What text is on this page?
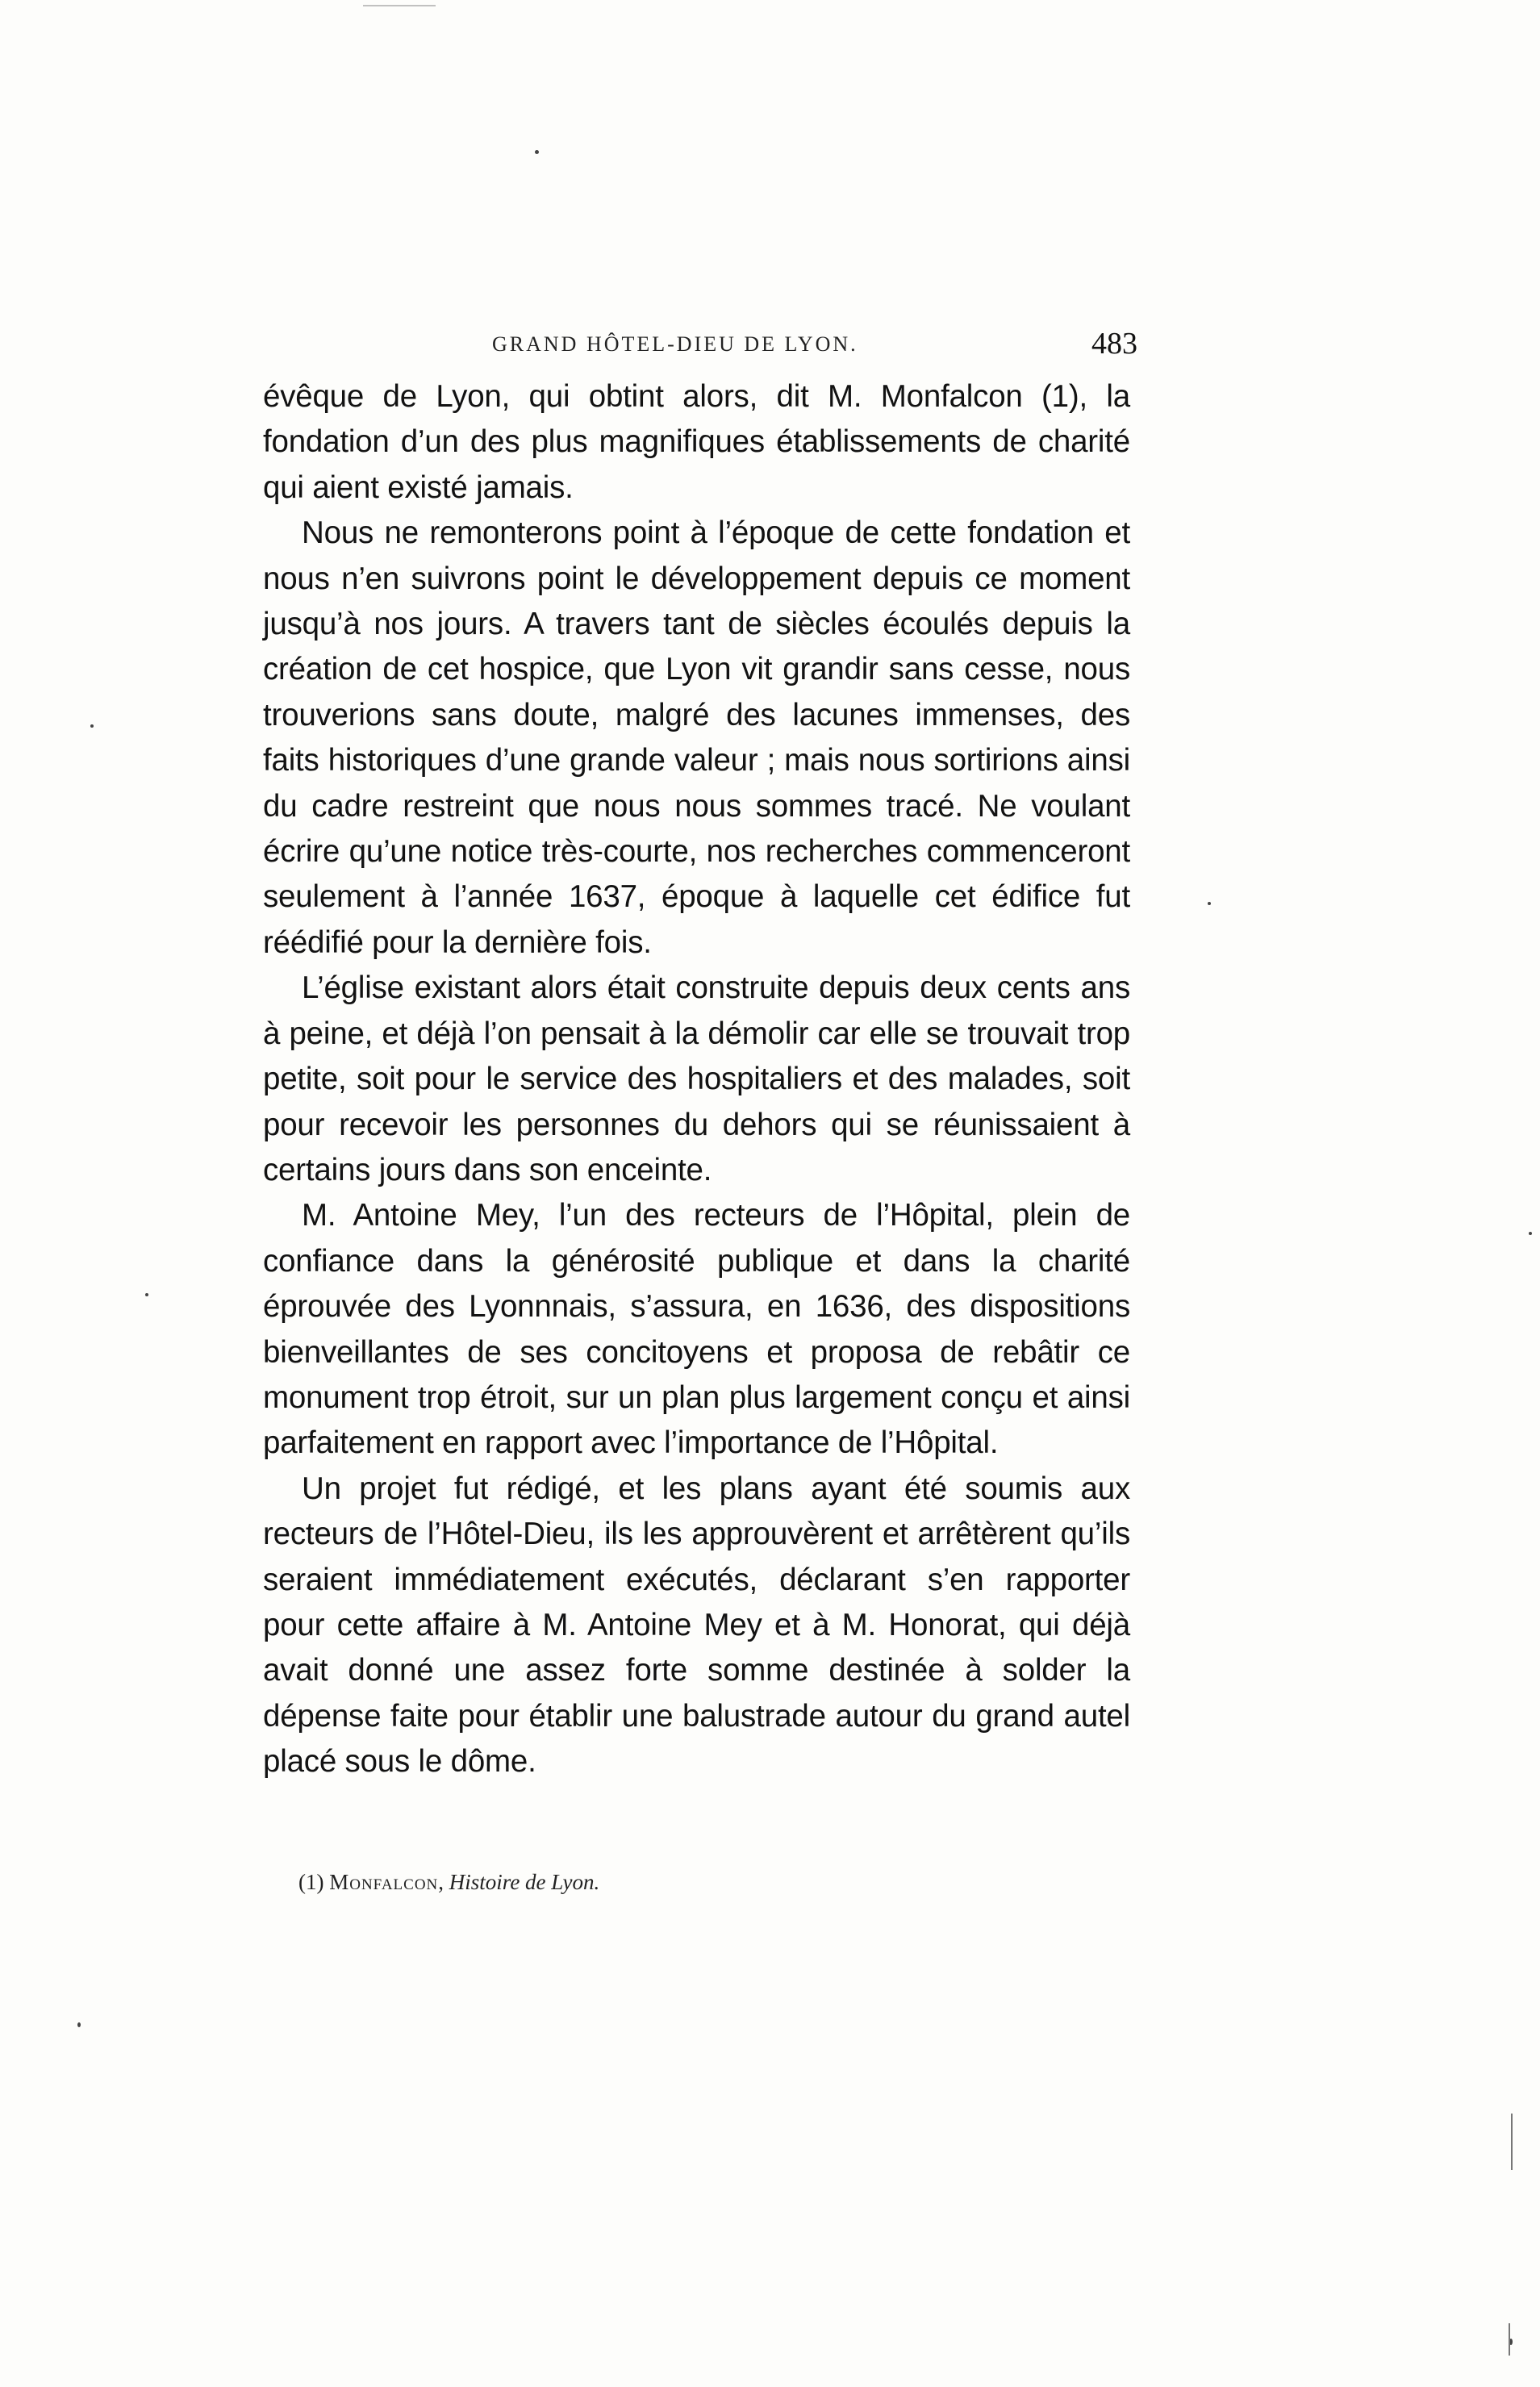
GRAND HÔTEL-DIEU DE LYON.	483

évêque de Lyon, qui obtint alors, dit M. Monfalcon (1), la fondation d’un des plus magnifiques établissements de charité qui aient existé jamais.

Nous ne remonterons point à l’époque de cette fondation et nous n’en suivrons point le développement depuis ce moment jusqu’à nos jours. A travers tant de siècles écoulés depuis la création de cet hospice, que Lyon vit grandir sans cesse, nous trouverions sans doute, malgré des lacunes immenses, des faits historiques d’une grande valeur ; mais nous sortirions ainsi du cadre restreint que nous nous sommes tracé. Ne voulant écrire qu’une notice très-courte, nos recherches commenceront seulement à l’année 1637, époque à laquelle cet édifice fut réédifié pour la dernière fois.

L’église existant alors était construite depuis deux cents ans à peine, et déjà l’on pensait à la démolir car elle se trouvait trop petite, soit pour le service des hospitaliers et des malades, soit pour recevoir les personnes du dehors qui se réunissaient à certains jours dans son enceinte.

M. Antoine Mey, l’un des recteurs de l’Hôpital, plein de confiance dans la générosité publique et dans la charité éprouvée des Lyonnnais, s’assura, en 1636, des dispositions bienveillantes de ses concitoyens et proposa de rebâtir ce monument trop étroit, sur un plan plus largement conçu et ainsi parfaitement en rapport avec l’importance de l’Hôpital.

Un projet fut rédigé, et les plans ayant été soumis aux recteurs de l’Hôtel-Dieu, ils les approuvèrent et arrêtèrent qu’ils seraient immédiatement exécutés, déclarant s’en rapporter pour cette affaire à M. Antoine Mey et à M. Honorat, qui déjà avait donné une assez forte somme destinée à solder la dépense faite pour établir une balustrade autour du grand autel placé sous le dôme.

(1) Monfalcon, Histoire de Lyon.
